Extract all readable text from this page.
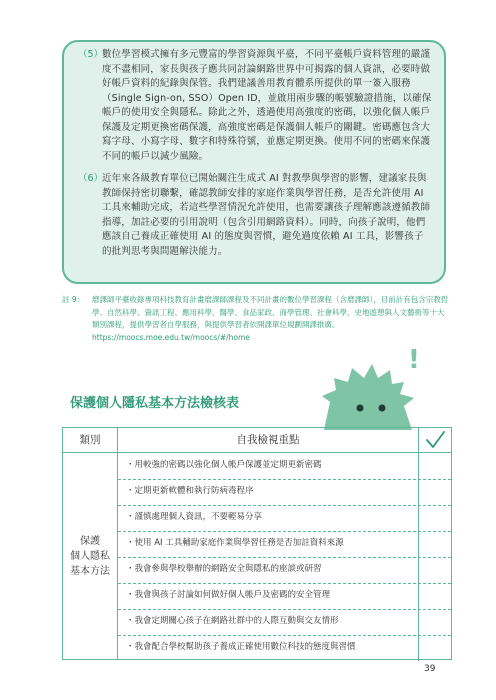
（5）
數位學習模式擁有多元豐富的學習資源與平臺，不同平臺帳戶資料管理的嚴謹度不盡相同，家長與孩子應共同討論網路世界中可揭露的個人資訊，必要時做好帳戶資料的紀錄與保管。我們建議善用教育體系所提供的單一簽入服務（Single Sign-on, SSO）Open ID，並啟用兩步驟的帳號驗證措施，以確保帳戶的使用安全與隱私。除此之外，透過使用高強度的密碼，以強化個人帳戶保護及定期更換密碼保護，高強度密碼是保護個人帳戶的關鍵。密碼應包含大寫字母、小寫字母、數字和特殊符號，並應定期更換。使用不同的密碼來保護不同的帳戶以減少風險。
（6）
近年來各級教育單位已開始關注生成式 AI 對教學與學習的影響，建議家長與教師保持密切聯繫，確認教師安排的家庭作業與學習任務，是否允許使用 AI 工具來輔助完成，若這些學習情況允許使用，也需要讓孩子理解應該遵循教師指導，加註必要的引用說明（包含引用網路資料）。同時，向孩子說明，他們應該自己養成正確使用 AI 的態度與習慣，避免過度依賴 AI 工具，影響孩子的批判思考與問題解決能力。
註 9：	磨課師平臺收錄專項科技教育計畫磨課師課程及不同計畫的數位學習課程（含磨課師），目前計有包含宗教哲學、自然科學、資訊工程、應用科學、醫學、食品家政、商學管理、社會科學、史地遊憩與人文藝術等十大類別課程，提供學習者自學服務，與提供學習者依開課單位規劃開課推廣。https://moocs.moe.edu.tw/moocs/#/home
!
保護個人隱私基本方法檢核表
類別	自我檢視重點
保護
個人隱私
基本方法
・用較強的密碼以強化個人帳戶保護並定期更新密碼
・定期更新軟體和執行防病毒程序
・謹慎處理個人資訊，不要輕易分享
・使用 AI 工具輔助家庭作業與學習任務是否加註資料來源
・我會參與學校舉辦的網路安全與隱私的座談或研習
・我會與孩子討論如何做好個人帳戶及密碼的安全管理
・我會定期關心孩子在網路社群中的人際互動與交友情形
・我會配合學校幫助孩子養成正確使用數位科技的態度與習慣
39
